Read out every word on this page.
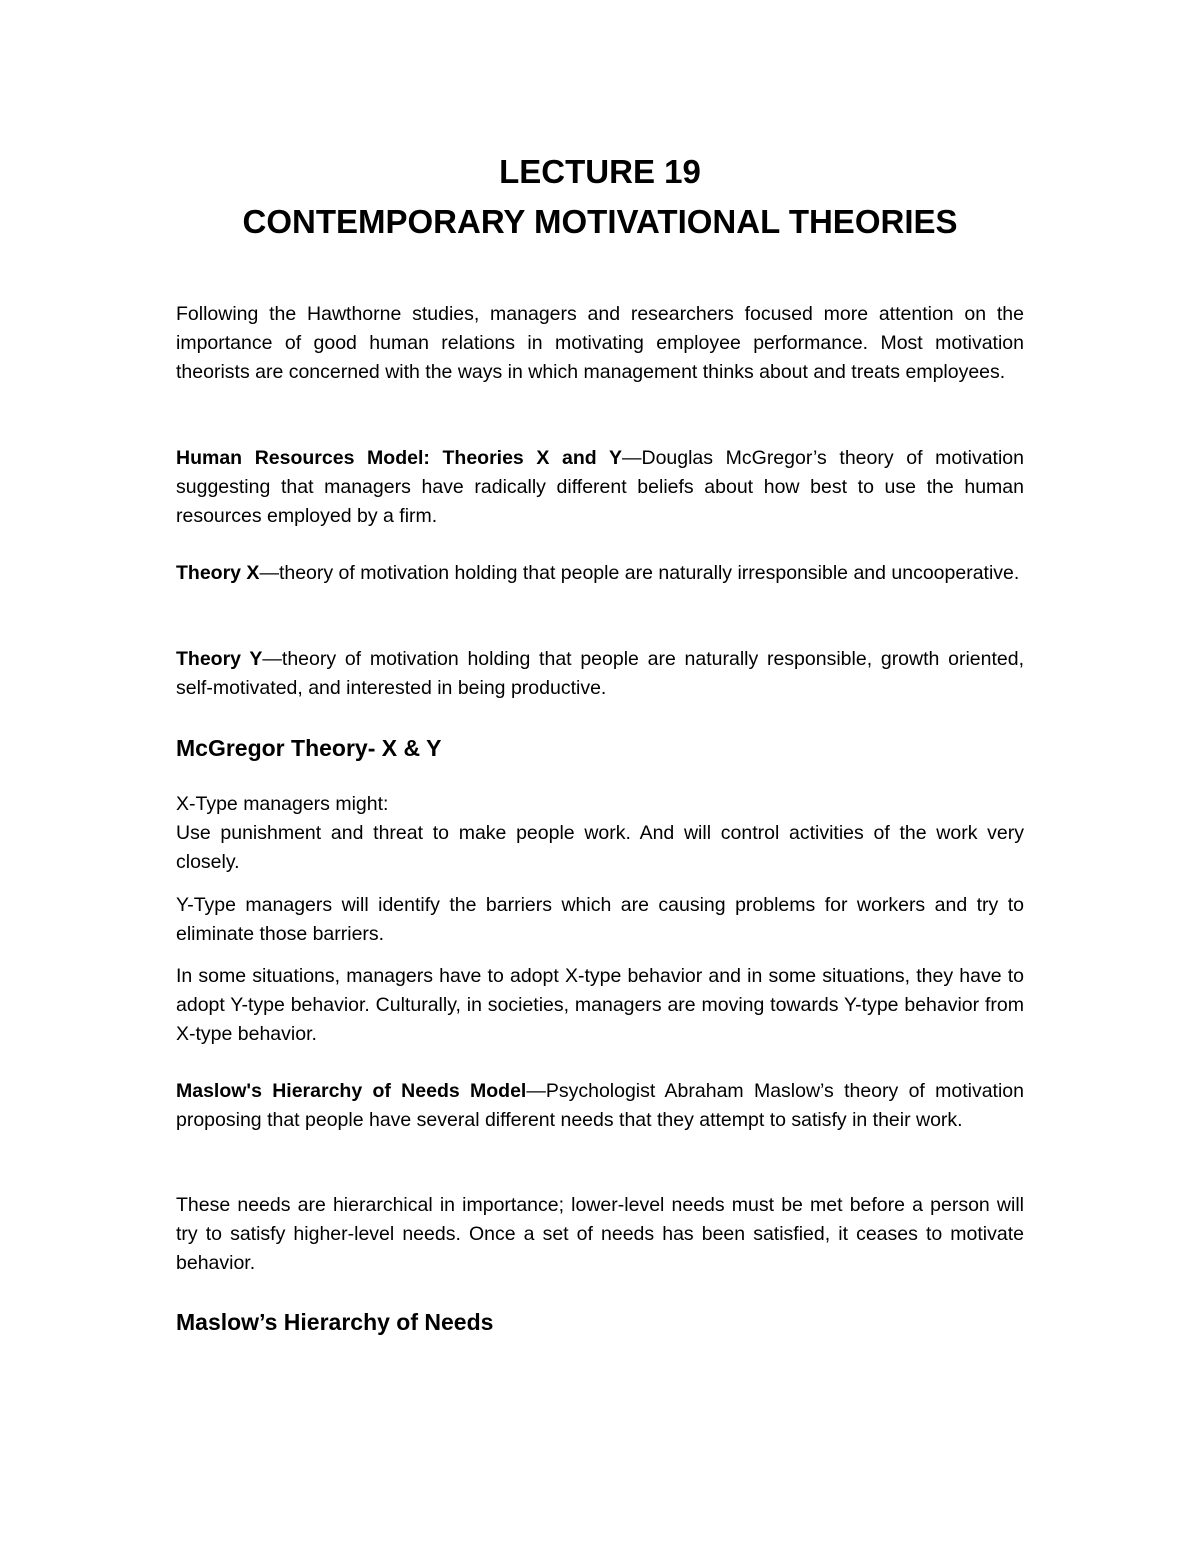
LECTURE 19
CONTEMPORARY MOTIVATIONAL THEORIES

Following the Hawthorne studies, managers and researchers focused more attention on the importance of good human relations in motivating employee performance. Most motivation theorists are concerned with the ways in which management thinks about and treats employees.

Human Resources Model: Theories X and Y—Douglas McGregor’s theory of motivation suggesting that managers have radically different beliefs about how best to use the human resources employed by a firm.

Theory X—theory of motivation holding that people are naturally irresponsible and uncooperative.

Theory Y—theory of motivation holding that people are naturally responsible, growth oriented, self-motivated, and interested in being productive.

McGregor Theory- X & Y

X-Type managers might:

Use punishment and threat to make people work. And will control activities of the work very closely.

Y-Type managers will identify the barriers which are causing problems for workers and try to eliminate those barriers.

In some situations, managers have to adopt X-type behavior and in some situations, they have to adopt Y-type behavior. Culturally, in societies, managers are moving towards Y-type behavior from X-type behavior.

Maslow's Hierarchy of Needs Model—Psychologist Abraham Maslow’s theory of motivation proposing that people have several different needs that they attempt to satisfy in their work.

These needs are hierarchical in importance; lower-level needs must be met before a person will try to satisfy higher-level needs. Once a set of needs has been satisfied, it ceases to motivate behavior.

Maslow’s Hierarchy of Needs
